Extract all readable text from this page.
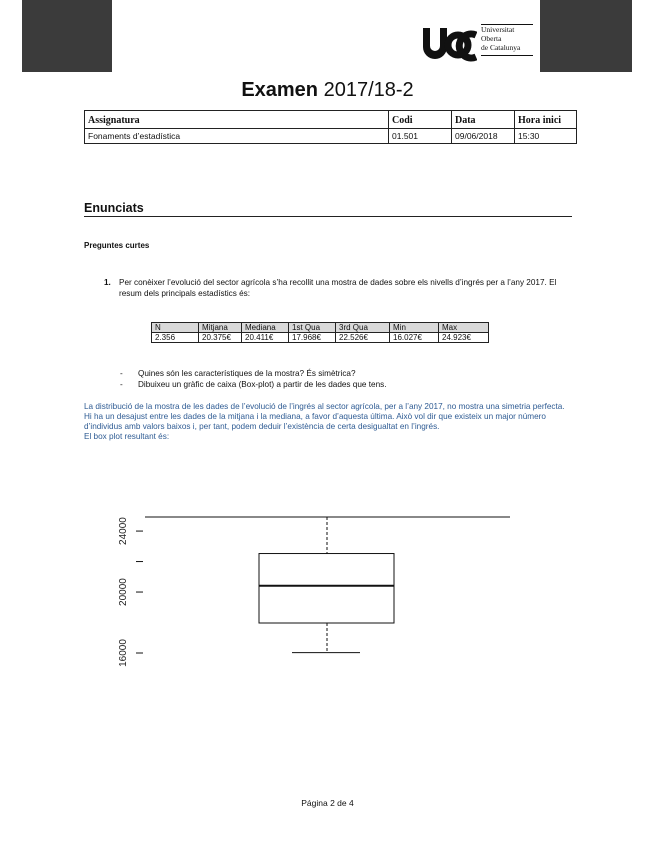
Universitat
Oberta
de Catalunya
Examen 2017/18-2
Assignatura	Codi	Data	Hora inici
Fonaments d’estadística	01.501	09/06/2018	15:30
Enunciats
Preguntes curtes
1. Per conèixer l’evolució del sector agrícola s’ha recollit una mostra de dades sobre els nivells d’ingrés per a l’any 2017. El resum dels principals estadístics és:
N	Mitjana	Mediana	1st Qua	3rd Qua	Min	Max
2.356	20.375€	20.411€	17.968€	22.526€	16.027€	24.923€
- Quines són les característiques de la mostra? És simètrica?
- Dibuixeu un gràfic de caixa (Box-plot) a partir de les dades que tens.

La distribució de la mostra de les dades de l’evolució de l’ingrés al sector agrícola, per a l’any 2017, no mostra una simetria perfecta. Hi ha un desajust entre les dades de la mitjana i la mediana, a favor d’aquesta última. Això vol dir que existeix un major número d’individus amb valors baixos i, per tant, podem deduir l’existència de certa desigualtat en l’ingrés.

El box plot resultant és:

16000
20000
24000
Página 2 de 4
